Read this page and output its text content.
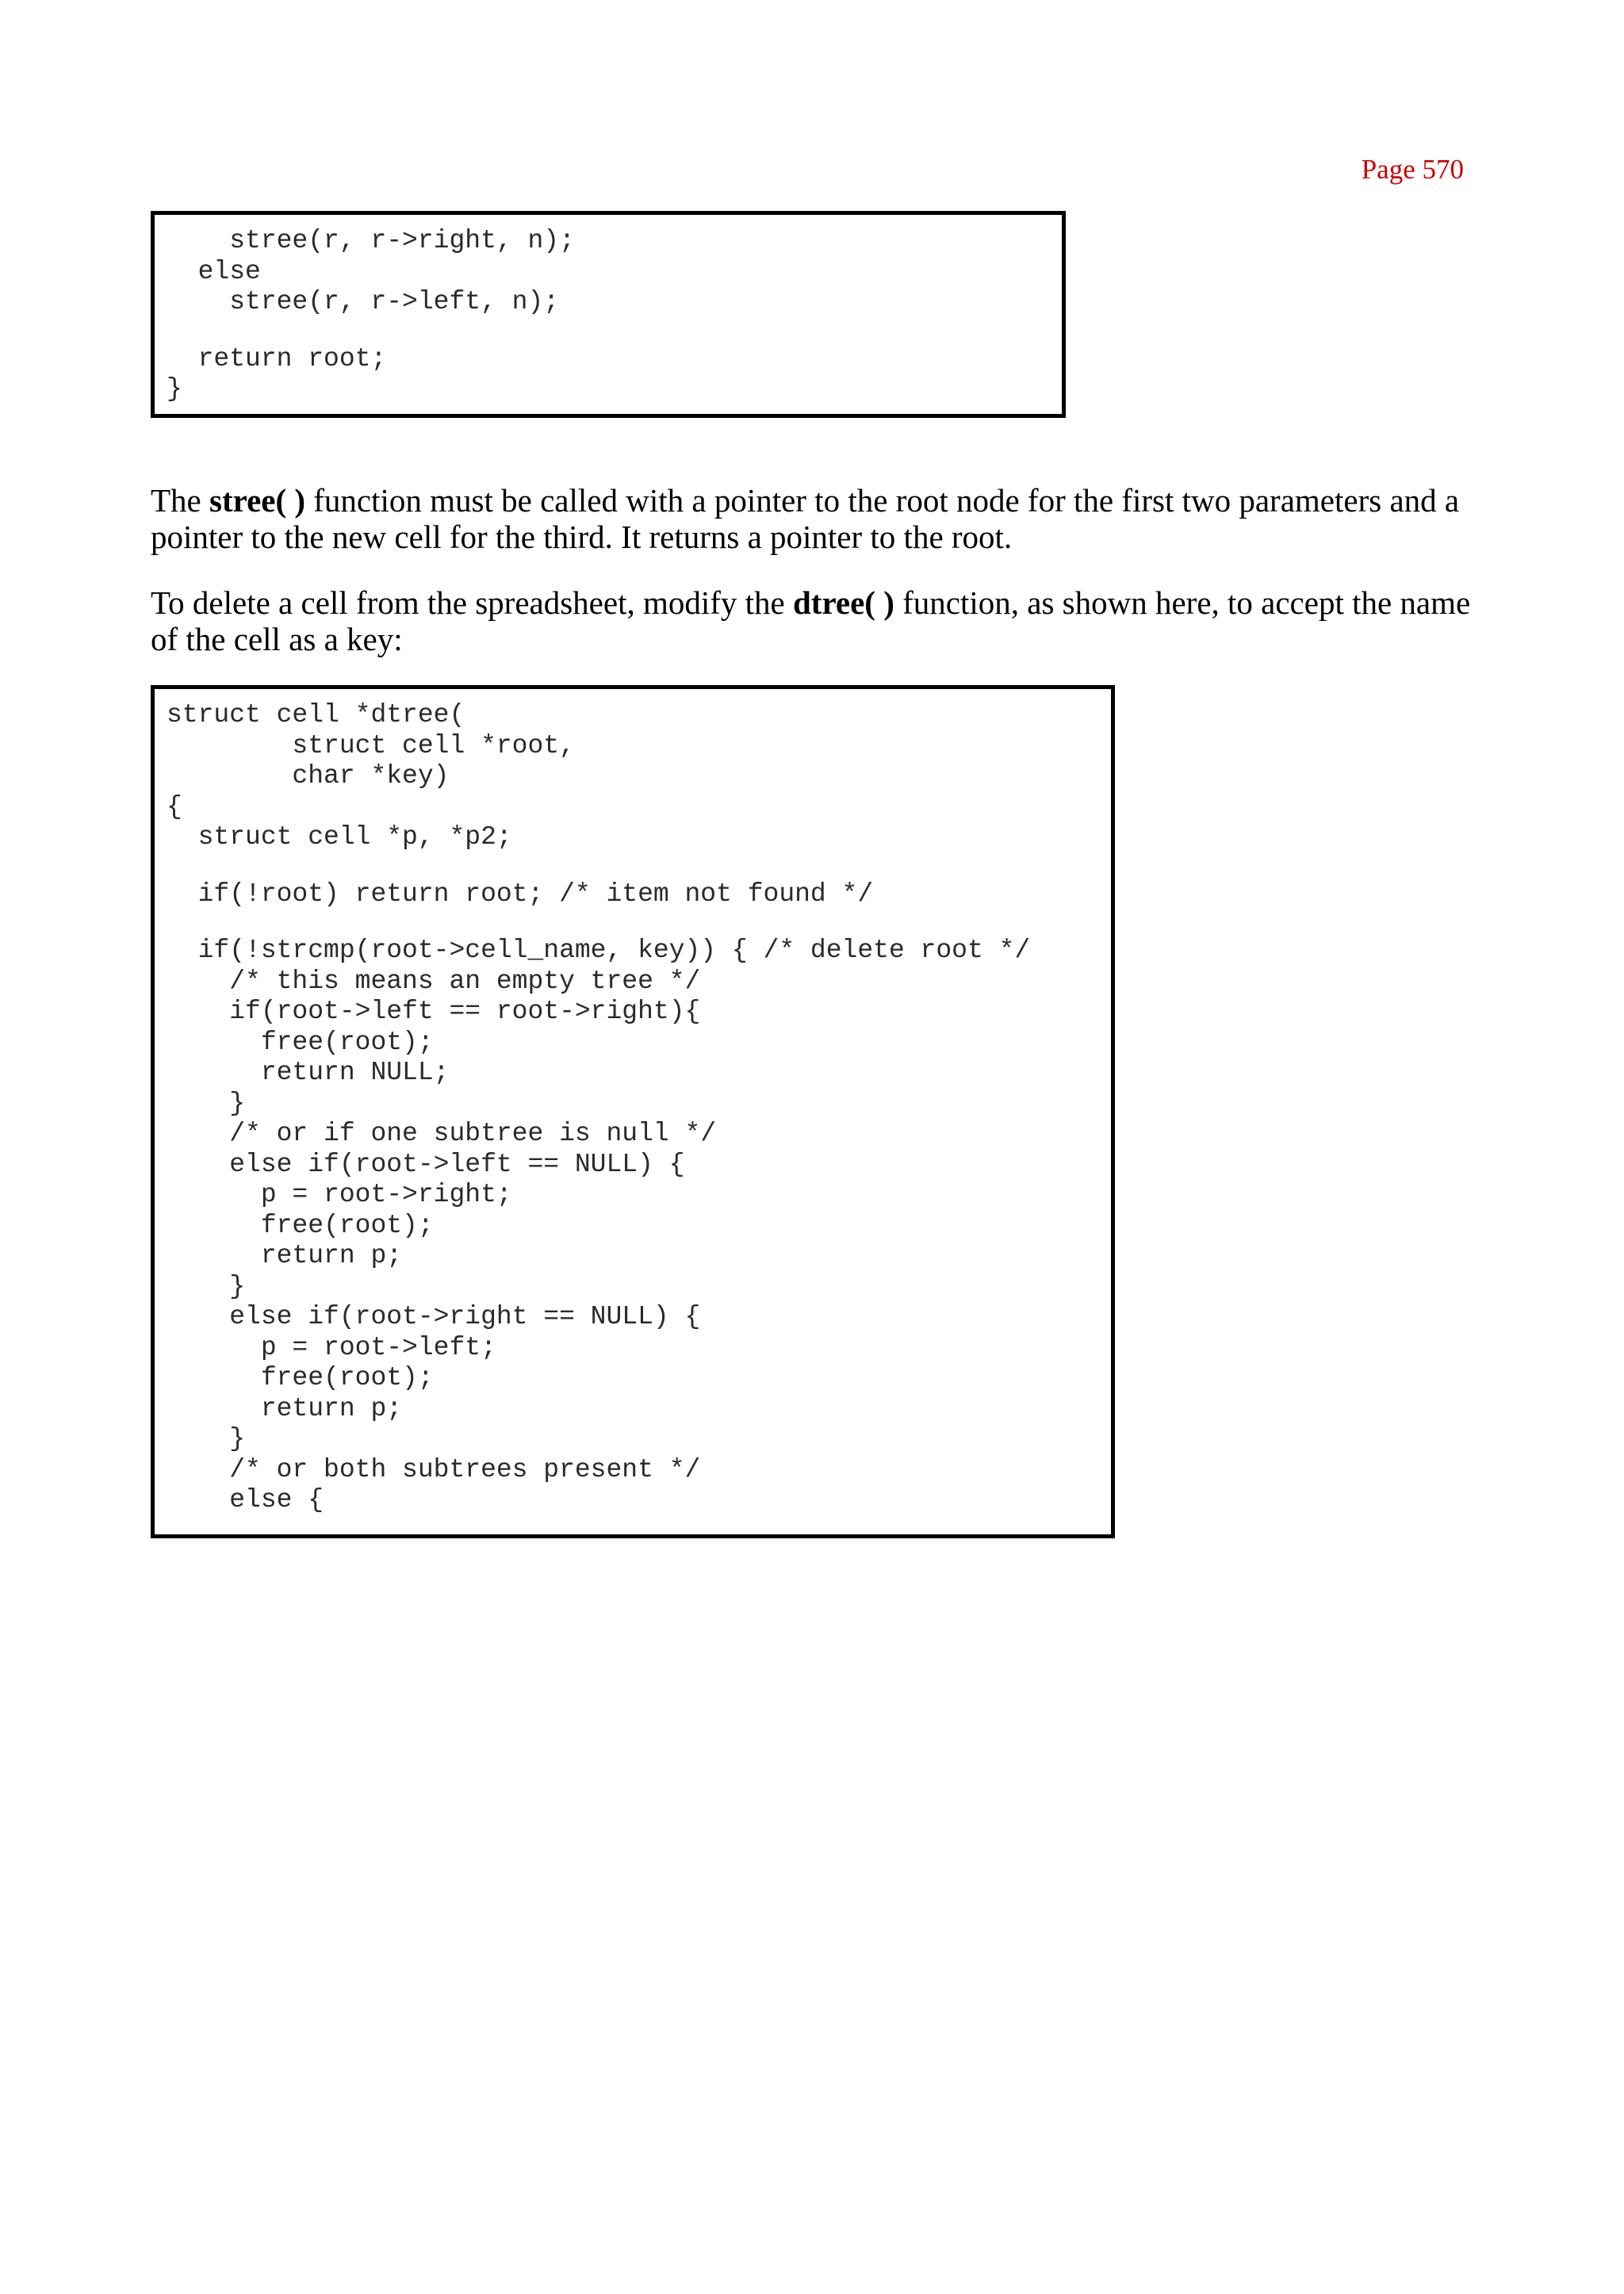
Page 570
stree(r, r->right, n);
else
stree(r, r->left, n);
return root;
}

The stree( ) function must be called with a pointer to the root node for the first two parameters and a pointer to the new cell for the third. It returns a pointer to the root.

To delete a cell from the spreadsheet, modify the dtree( ) function, as shown here, to accept the name of the cell as a key:

struct cell *dtree(
struct cell *root,
char *key)
{
struct cell *p, *p2;
if(!root) return root; /* item not found */
if(!strcmp(root->cell_name, key)) { /* delete root */
/* this means an empty tree */
if(root->left == root->right){
free(root);
return NULL;
}
/* or if one subtree is null */
else if(root->left == NULL) {
p = root->right;
free(root);
return p;
}
else if(root->right == NULL) {
p = root->left;
free(root);
return p;
}
/* or both subtrees present */
else {
